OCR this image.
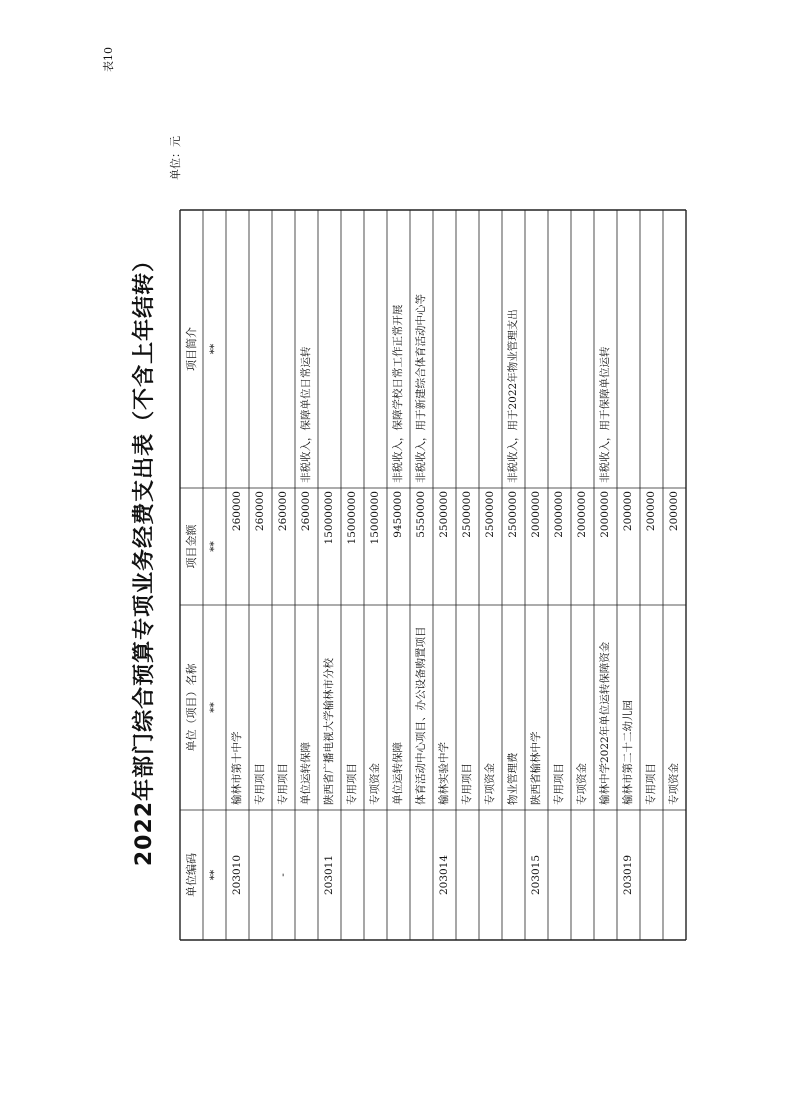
表10
2022年部门综合预算专项业务经费支出表（不含上年结转）
单位：元
单位编码
单位（项目）名称
项目金额
项目简介
**
**
**
**
203010
榆林市第十中学
260000
专用项目
260000
-
专用项目
260000
单位运转保障
260000
非税收入，保障单位日常运转
203011
陕西省广播电视大学榆林市分校
15000000
专用项目
15000000
专项资金
15000000
单位运转保障
9450000
非税收入，保障学校日常工作正常开展
体育活动中心项目、办公设备购置项目
5550000
非税收入，用于新建综合体育活动中心等
203014
榆林实验中学
2500000
专用项目
2500000
专项资金
2500000
物业管理费
2500000
非税收入，用于2022年物业管理支出
203015
陕西省榆林中学
2000000
专用项目
2000000
专项资金
2000000
榆林中学2022年单位运转保障资金
2000000
非税收入，用于保障单位运转
203019
榆林市第二十二幼儿园
200000
专用项目
200000
专项资金
200000
